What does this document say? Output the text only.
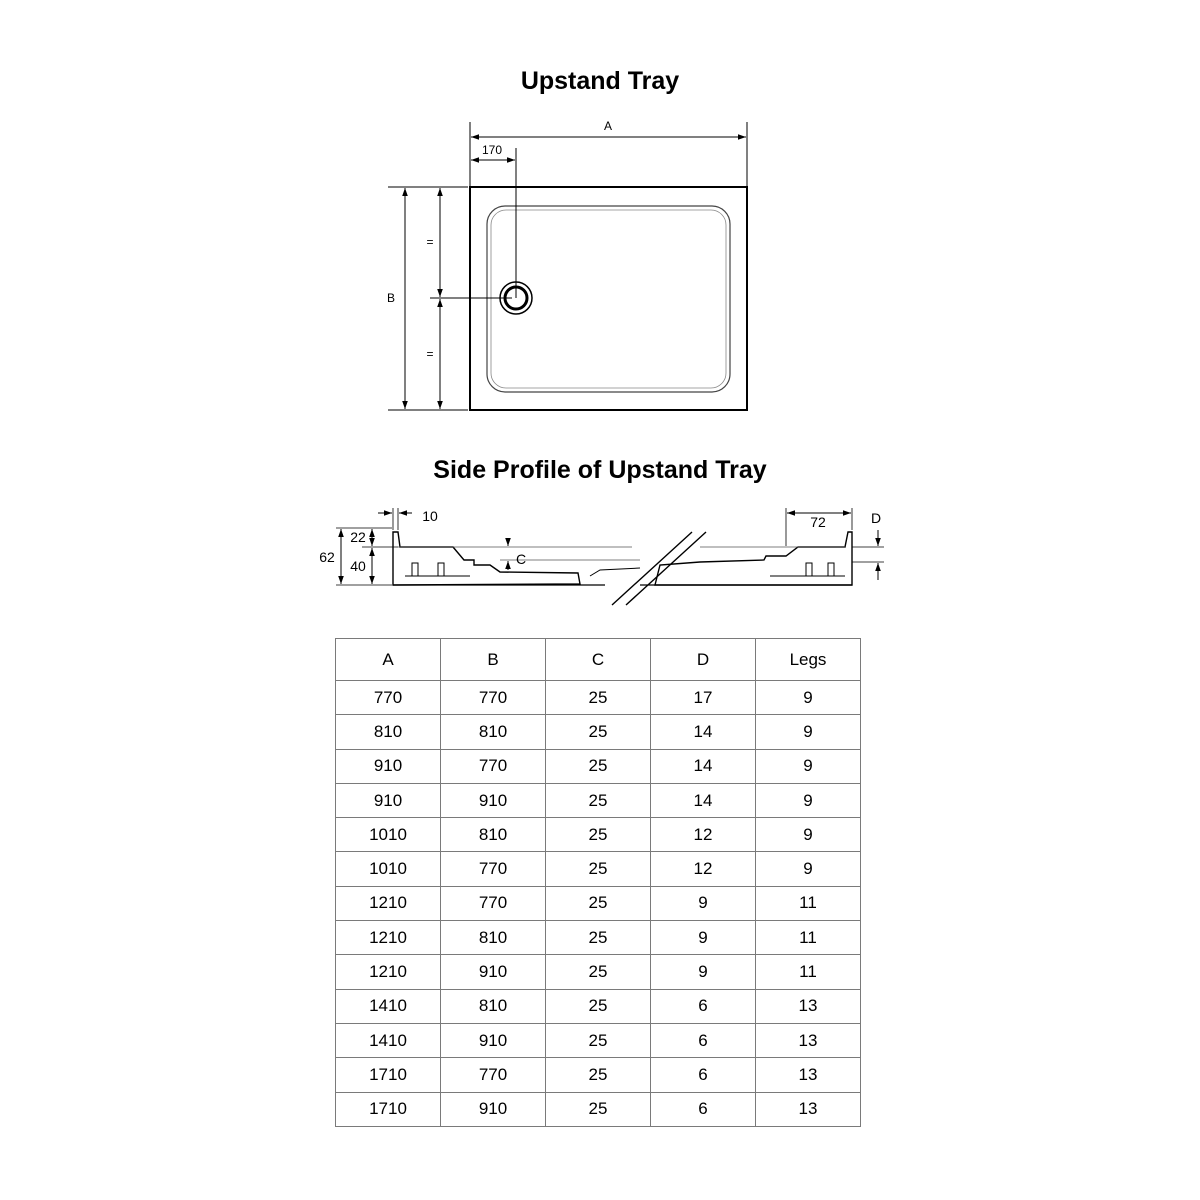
Upstand Tray
A
170
B
=
=
10
62
22
40	C
72	D
Side Profile of Upstand Tray
A	B	C	D	Legs
770	770	25	17	9
810	810	25	14	9
910	770	25	14	9
910	910	25	14	9
1010	810	25	12	9
1010	770	25	12	9
1210	770	25	9	11
1210	810	25	9	11
1210	910	25	9	11
1410	810	25	6	13
1410	910	25	6	13
1710	770	25	6	13
1710	910	25	6	13
